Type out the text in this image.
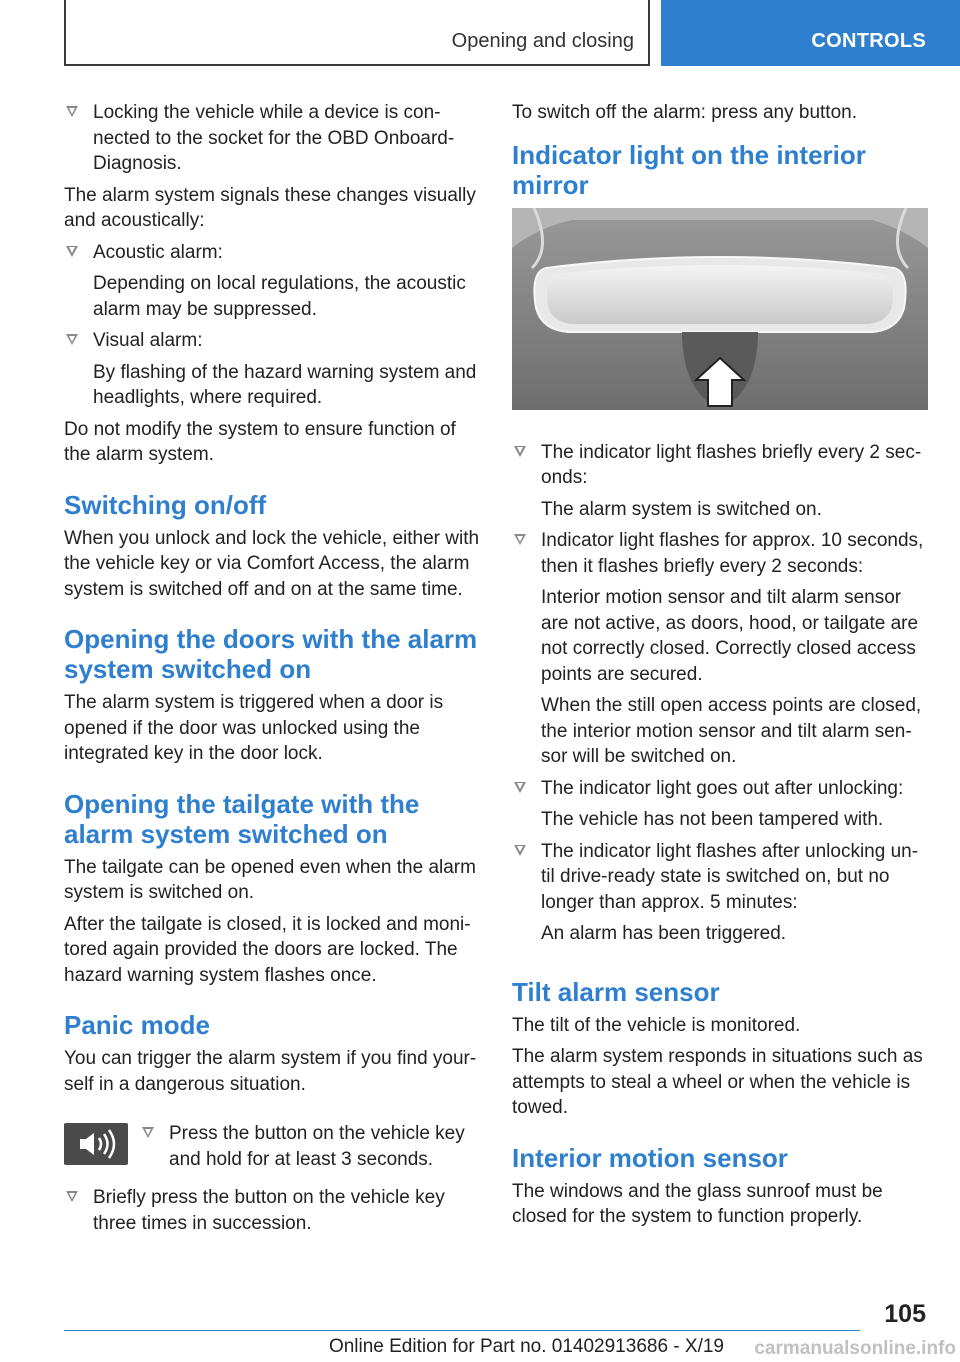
Opening and closing	CONTROLS
Locking the vehicle while a device is con-nected to the socket for the OBD Onboard-Diagnosis.

The alarm system signals these changes visually and acoustically:

Acoustic alarm:
Depending on local regulations, the acoustic alarm may be suppressed.
Visual alarm:
By flashing of the hazard warning system and headlights, where required.

Do not modify the system to ensure function of the alarm system.

Switching on/off

When you unlock and lock the vehicle, either with the vehicle key or via Comfort Access, the alarm system is switched off and on at the same time.

Opening the doors with the alarm system switched on

The alarm system is triggered when a door is opened if the door was unlocked using the integrated key in the door lock.

Opening the tailgate with the alarm system switched on

The tailgate can be opened even when the alarm system is switched on.

After the tailgate is closed, it is locked and moni-tored again provided the doors are locked. The hazard warning system flashes once.

Panic mode

You can trigger the alarm system if you find your-self in a dangerous situation.

Press the button on the vehicle key and hold for at least 3 seconds.
Briefly press the button on the vehicle key three times in succession.

To switch off the alarm: press any button.

Indicator light on the interior mirror
The indicator light flashes briefly every 2 sec-onds:
The alarm system is switched on.
Indicator light flashes for approx. 10 seconds, then it flashes briefly every 2 seconds:
Interior motion sensor and tilt alarm sensor are not active, as doors, hood, or tailgate are not correctly closed. Correctly closed access points are secured.
When the still open access points are closed, the interior motion sensor and tilt alarm sen-sor will be switched on.
The indicator light goes out after unlocking:
The vehicle has not been tampered with.
The indicator light flashes after unlocking un-til drive-ready state is switched on, but no longer than approx. 5 minutes:
An alarm has been triggered.
Tilt alarm sensor

The tilt of the vehicle is monitored.

The alarm system responds in situations such as attempts to steal a wheel or when the vehicle is towed.

Interior motion sensor

The windows and the glass sunroof must be closed for the system to function properly.

105
Online Edition for Part no. 01402913686 - X/19 carmanualsonline.info
